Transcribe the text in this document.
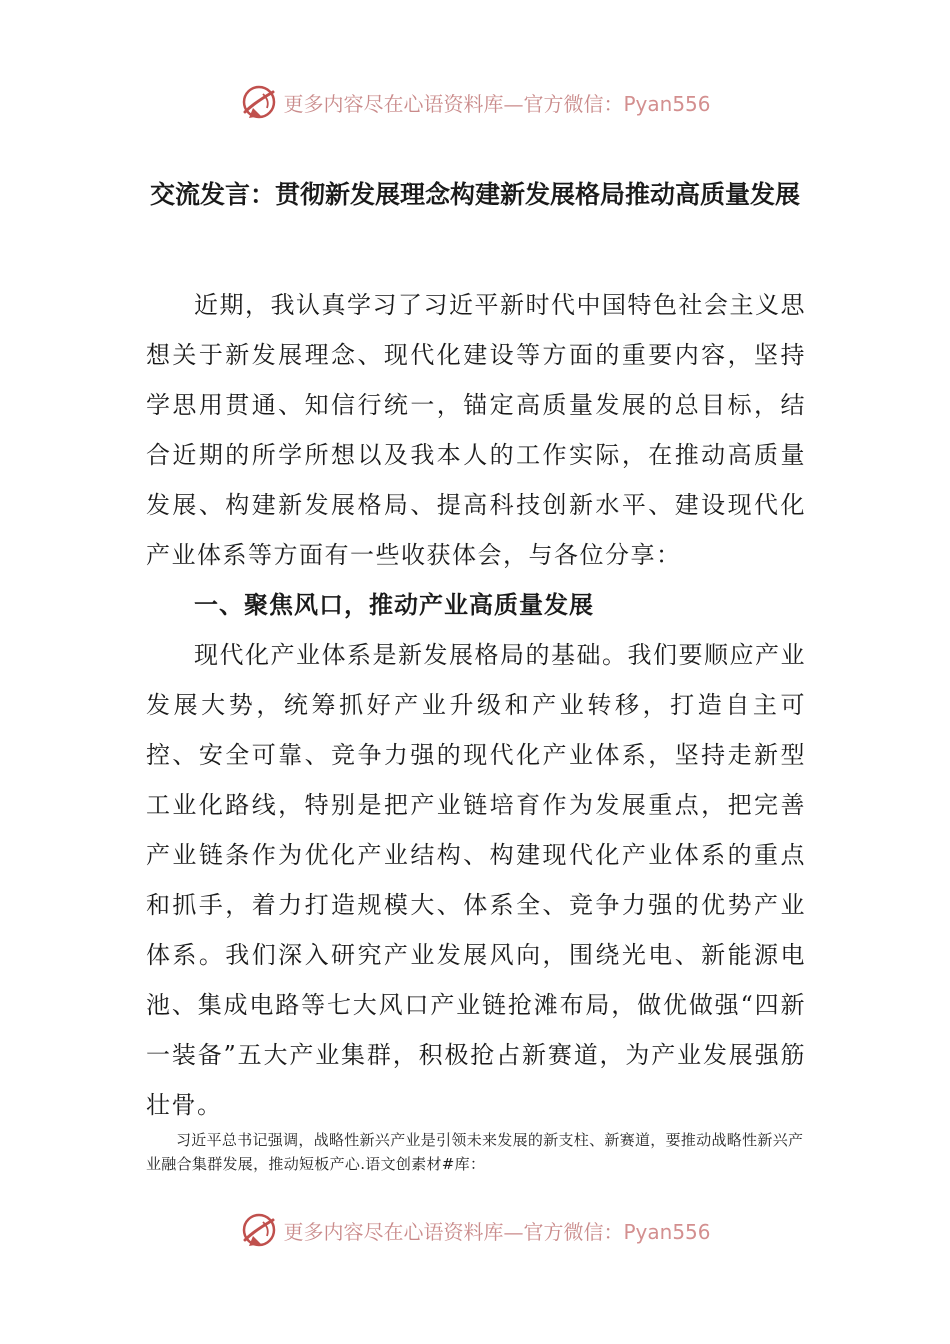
更多内容尽在心语资料库—官方微信：Pyan556
交流发言：贯彻新发展理念构建新发展格局推动高质量发展

近期，我认真学习了习近平新时代中国特色社会主义思想关于新发展理念、现代化建设等方面的重要内容，坚持学思用贯通、知信行统一，锚定高质量发展的总目标，结合近期的所学所想以及我本人的工作实际，在推动高质量发展、构建新发展格局、提高科技创新水平、建设现代化产业体系等方面有一些收获体会，与各位分享：

一、聚焦风口，推动产业高质量发展

现代化产业体系是新发展格局的基础。我们要顺应产业发展大势，统筹抓好产业升级和产业转移，打造自主可控、安全可靠、竞争力强的现代化产业体系，坚持走新型工业化路线，特别是把产业链培育作为发展重点，把完善产业链条作为优化产业结构、构建现代化产业体系的重点和抓手，着力打造规模大、体系全、竞争力强的优势产业体系。我们深入研究产业发展风向，围绕光电、新能源电池、集成电路等七大风口产业链抢滩布局，做优做强“四新一装备”五大产业集群，积极抢占新赛道，为产业发展强筋壮骨。

习近平总书记强调，战略性新兴产业是引领未来发展的新支柱、新赛道，要推动战略性新兴产业融合集群发展，推动短板产心.语文创素材#库：

更多内容尽在心语资料库—官方微信：Pyan556
